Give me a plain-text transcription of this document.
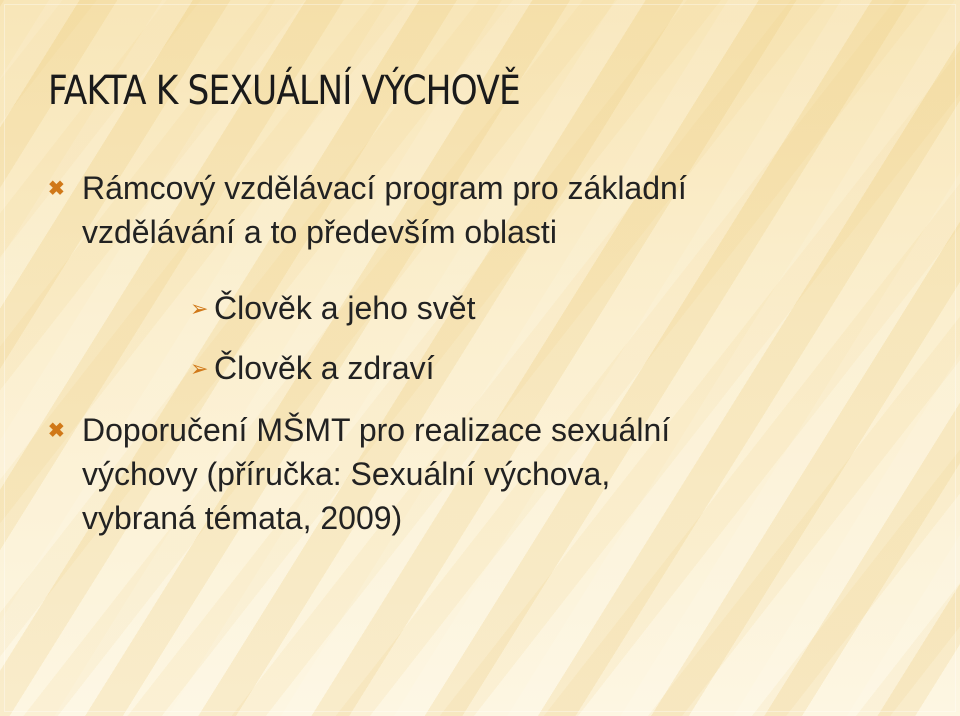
FAKTA K SEXUÁLNÍ VÝCHOVĚ
✖ Rámcový vzdělávací program pro základní
vzdělávání a to především oblasti
➢ Člověk a jeho svět
➢ Člověk a zdraví
✖ Doporučení MŠMT pro realizace sexuální
výchovy (příručka: Sexuální výchova,
vybraná témata, 2009)
